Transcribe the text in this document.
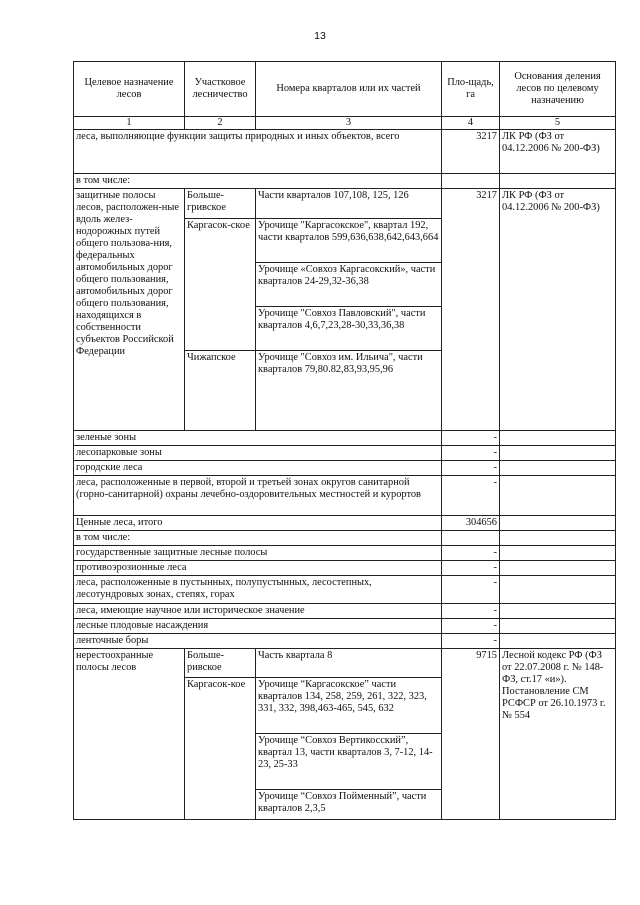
13
Целевое назначение лесов	Участковое лесничество	Номера кварталов или их частей	Пло-щадь, га	Основания деления лесов по целевому назначению
1	2	3	4	5
леса, выполняющие функции защиты природных и иных объектов, всего			3217	ЛК РФ (ФЗ от 04.12.2006 № 200-ФЗ)
в том числе:				
защитные полосы лесов, расположен-ные вдоль желез-нодорожных путей общего пользова-ния, федеральных автомобильных дорог общего пользования, автомобильных дорог общего пользования, находящихся в собственности субъектов Российской Федерации	Больше-гривское	Части кварталов 107,108, 125, 126	3217	ЛК РФ (ФЗ от 04.12.2006 № 200-ФЗ)
	Каргасок-ское	Урочище "Каргасокское", квартал 192, части кварталов 599,636,638,642,643,664		
		Урочище «Совхоз Каргасокский», части кварталов 24-29,32-36,38		
		Урочище "Совхоз Павловский", части кварталов 4,6,7,23,28-30,33,36,38		
	Чижапское	Урочище "Совхоз им. Ильича", части кварталов 79,80.82,83,93,95,96		
зеленые зоны			-	
лесопарковые зоны			-	
городские леса			-	
леса, расположенные в первой, второй и третьей зонах округов санитарной (горно-санитарной) охраны лечебно-оздоровительных местностей и курортов			-	
Ценные леса, итого			304656	
в том числе:				
государственные защитные лесные полосы			-	
противоэрозионные леса			-	
леса, расположенные в пустынных, полупустынных, лесостепных, лесотундровых зонах, степях, горах			-	
леса, имеющие научное или историческое значение			-	
лесные плодовые насаждения			-	
ленточные боры			-	
нерестоохранные полосы лесов	Больше-ривское	Часть квартала 8	9715	Лесной кодекс РФ (ФЗ от 22.07.2008 г. № 148-ФЗ, ст.17 «и»). Постановление СМ РСФСР от 26.10.1973 г. № 554
	Каргасок-кое	Урочище “Каргасокское” части кварталов 134, 258, 259, 261, 322, 323, 331, 332, 398,463-465, 545, 632		
		Урочище “Совхоз Вертикосский”, квартал 13, части кварталов 3, 7-12, 14-23, 25-33		
		Урочище “Совхоз Пойменный”, части кварталов 2,3,5		
